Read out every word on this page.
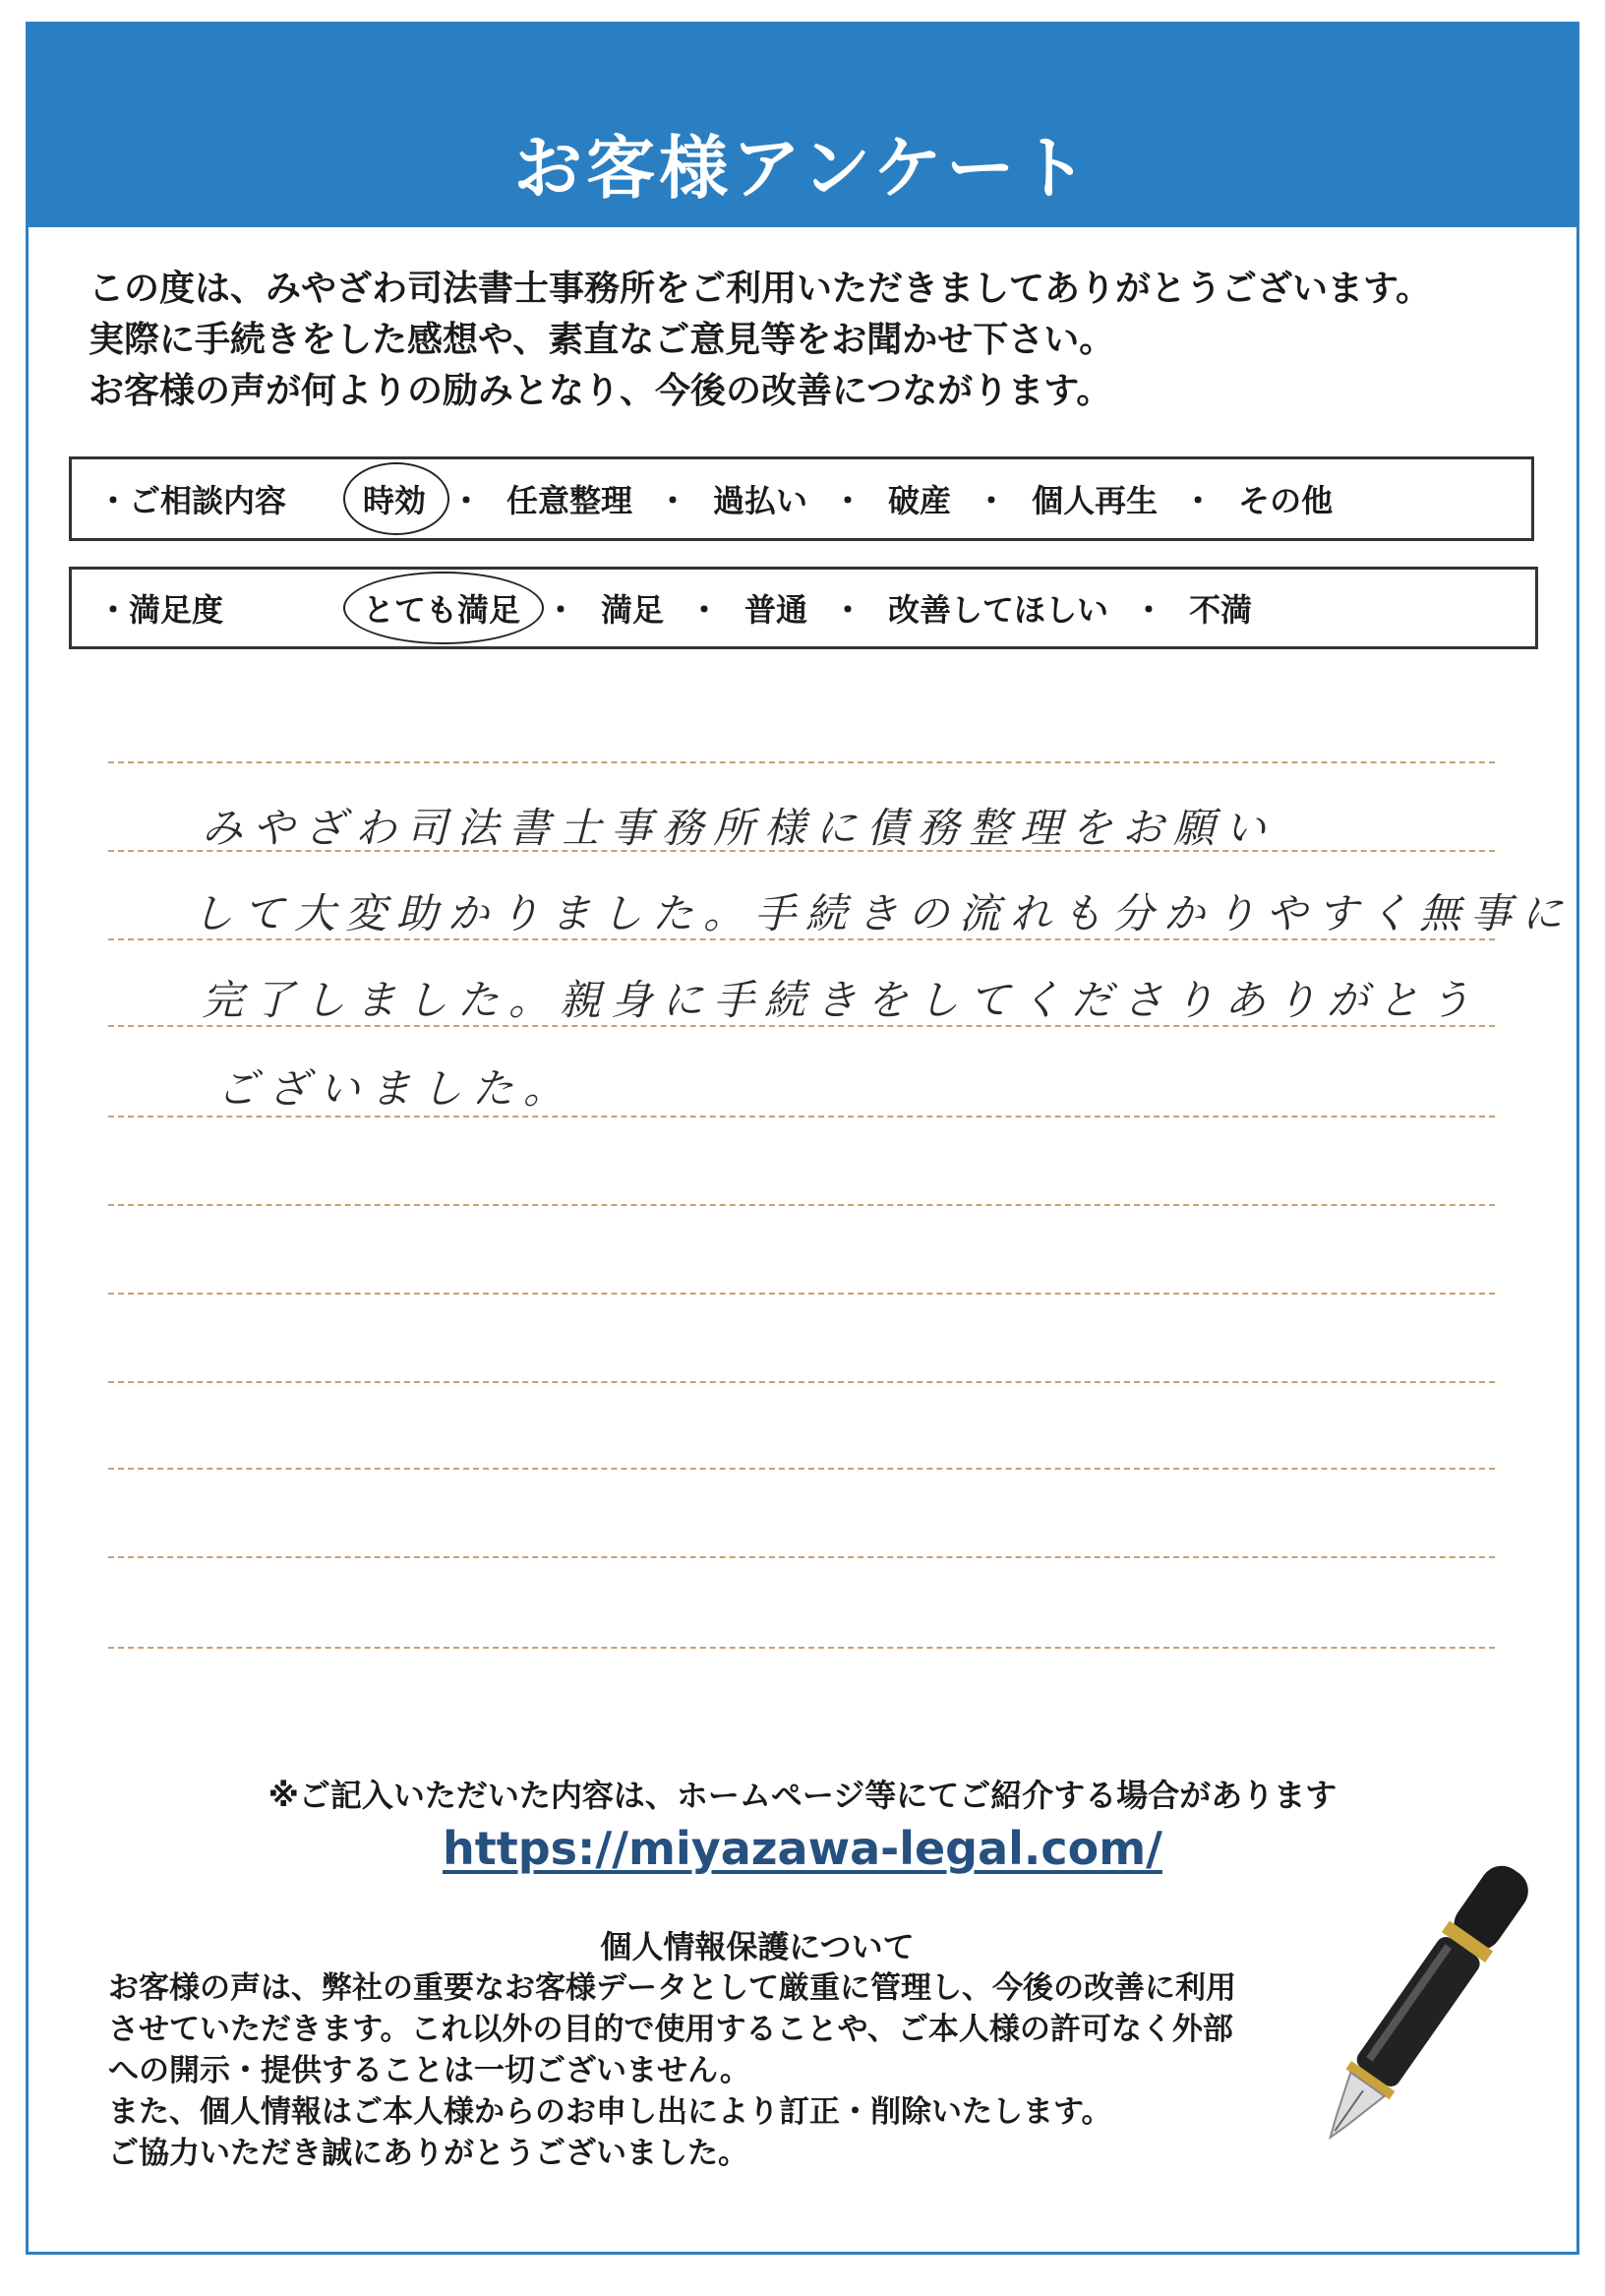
お客様アンケート
この度は、みやざわ司法書士事務所をご利用いただきましてありがとうございます。
実際に手続きをした感想や、素直なご意見等をお聞かせ下さい。
お客様の声が何よりの励みとなり、今後の改善につながります。
・ご相談内容 時効 ・ 任意整理 ・ 過払い ・ 破産 ・ 個人再生 ・ その他
・満足度	とても満足 ・ 満足 ・ 普通 ・ 改善してほしい ・ 不満
みやざわ司法書士事務所様に債務整理をお願い
して大変助かりました。手続きの流れも分かりやすく無事に
完了しました。親身に手続きをしてくださりありがとう
ございました。
※ご記入いただいた内容は、ホームページ等にてご紹介する場合があります
https://miyazawa-legal.com/
個人情報保護について
お客様の声は、弊社の重要なお客様データとして厳重に管理し、今後の改善に利用
させていただきます。これ以外の目的で使用することや、ご本人様の許可なく外部
への開示・提供することは一切ございません。
また、個人情報はご本人様からのお申し出により訂正・削除いたします。
ご協力いただき誠にありがとうございました。
